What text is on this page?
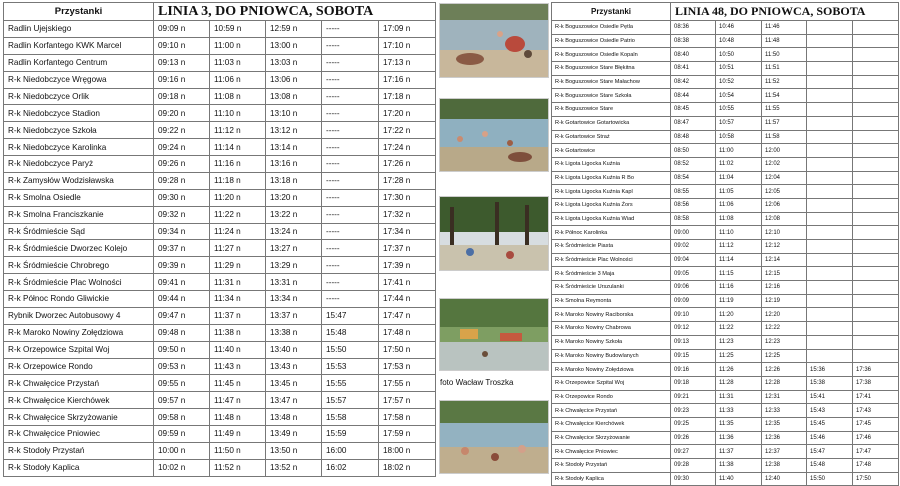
Przystanki	LINIA 3, DO PNIOWCA, SOBOTA				
Radlin Ujejskiego	09:09 n	10:59 n	12:59 n	-----	17:09 n
Radlin Korfantego KWK Marcel	09:10 n	11:00 n	13:00 n	-----	17:10 n
Radlin Korfantego Centrum	09:13 n	11:03 n	13:03 n	-----	17:13 n
R-k Niedobczyce Wręgowa	09:16 n	11:06 n	13:06 n	-----	17:16 n
R-k Niedobczyce Orlik	09:18 n	11:08 n	13:08 n	-----	17:18 n
R-k Niedobczyce Stadion	09:20 n	11:10 n	13:10 n	-----	17:20 n
R-k Niedobczyce Szkoła	09:22 n	11:12 n	13:12 n	-----	17:22 n
R-k Niedobczyce Karolinka	09:24 n	11:14 n	13:14 n	-----	17:24 n
R-k Niedobczyce Paryż	09:26 n	11:16 n	13:16 n	-----	17:26 n
R-k Zamysłów Wodzisławska	09:28 n	11:18 n	13:18 n	-----	17:28 n
R-k Smolna Osiedle	09:30 n	11:20 n	13:20 n	-----	17:30 n
R-k Smolna Franciszkanie	09:32 n	11:22 n	13:22 n	-----	17:32 n
R-k Śródmieście Sąd	09:34 n	11:24 n	13:24 n	-----	17:34 n
R-k Śródmieście Dworzec Kolejo	09:37 n	11:27 n	13:27 n	-----	17:37 n
R-k Śródmieście Chrobrego	09:39 n	11:29 n	13:29 n	-----	17:39 n
R-k Śródmieście Plac Wolności	09:41 n	11:31 n	13:31 n	-----	17:41 n
R-k Północ Rondo Gliwickie	09:44 n	11:34 n	13:34 n	-----	17:44 n
Rybnik Dworzec Autobusowy 4	09:47 n	11:37 n	13:37 n	15:47	17:47 n
R-k Maroko Nowiny Zołędziowa	09:48 n	11:38 n	13:38 n	15:48	17:48 n
R-k Orzepowice Szpital Woj	09:50 n	11:40 n	13:40 n	15:50	17:50 n
R-k Orzepowice Rondo	09:53 n	11:43 n	13:43 n	15:53	17:53 n
R-k Chwałęcice Przystań	09:55 n	11:45 n	13:45 n	15:55	17:55 n
R-k Chwałęcice Kierchówek	09:57 n	11:47 n	13:47 n	15:57	17:57 n
R-k Chwałęcice Skrzyżowanie	09:58 n	11:48 n	13:48 n	15:58	17:58 n
R-k Chwałęcice Pniowiec	09:59 n	11:49 n	13:49 n	15:59	17:59 n
R-k Stodoły Przystań	10:00 n	11:50 n	13:50 n	16:00	18:00 n
R-k Stodoły Kaplica	10:02 n	11:52 n	13:52 n	16:02	18:02 n
foto Wacław Troszka
Przystanki	LINIA 48, DO PNIOWCA, SOBOTA				
R-k Boguszowice Osiedle Pętla	08:36	10:46	11:46		
R-k Boguszowice Osiedle Patrio	08:38	10:48	11:48		
R-k Boguszowice Osiedle Kopaln	08:40	10:50	11:50		
R-k Boguszowice Stare Błękitna	08:41	10:51	11:51		
R-k Boguszowice Stare Małachow	08:42	10:52	11:52		
R-k Boguszowice Stare Szkoła	08:44	10:54	11:54		
R-k Boguszowice Stare	08:45	10:55	11:55		
R-k Gotartowice Gotartowicka	08:47	10:57	11:57		
R-k Gotartowice Straż	08:48	10:58	11:58		
R-k Gotartowice	08:50	11:00	12:00		
R-k Ligota Ligocka Kuźnia	08:52	11:02	12:02		
R-k Ligota Ligocka Kuźnia R Bo	08:54	11:04	12:04		
R-k Ligota Ligocka Kuźnia Kapl	08:55	11:05	12:05		
R-k Ligota Ligocka Kuźnia Żors	08:56	11:06	12:06		
R-k Ligota Ligocka Kuźnia Wiad	08:58	11:08	12:08		
R-k Północ Karolinka	09:00	11:10	12:10		
R-k Śródmieście Piasta	09:02	11:12	12:12		
R-k Śródmieście Plac Wolności	09:04	11:14	12:14		
R-k Śródmieście 3 Maja	09:05	11:15	12:15		
R-k Śródmieście Urszulanki	09:06	11:16	12:16		
R-k Smolna Reymonta	09:09	11:19	12:19		
R-k Maroko Nowiny Raciborska	09:10	11:20	12:20		
R-k Maroko Nowiny Chabrowa	09:12	11:22	12:22		
R-k Maroko Nowiny Szkoła	09:13	11:23	12:23		
R-k Maroko Nowiny Budowlanych	09:15	11:25	12:25		
R-k Maroko Nowiny Zołędziowa	09:16	11:26	12:26	15:36	17:36
R-k Orzepowice Szpital Woj	09:18	11:28	12:28	15:38	17:38
R-k Orzepowice Rondo	09:21	11:31	12:31	15:41	17:41
R-k Chwałęcice Przystań	09:23	11:33	12:33	15:43	17:43
R-k Chwałęcice Kierchówek	09:25	11:35	12:35	15:45	17:45
R-k Chwałęcice Skrzyżowanie	09:26	11:36	12:36	15:46	17:46
R-k Chwałęcice Pniowiec	09:27	11:37	12:37	15:47	17:47
R-k Stodoły Przystań	09:28	11:38	12:38	15:48	17:48
R-k Stodoły Kaplica	09:30	11:40	12:40	15:50	17:50
